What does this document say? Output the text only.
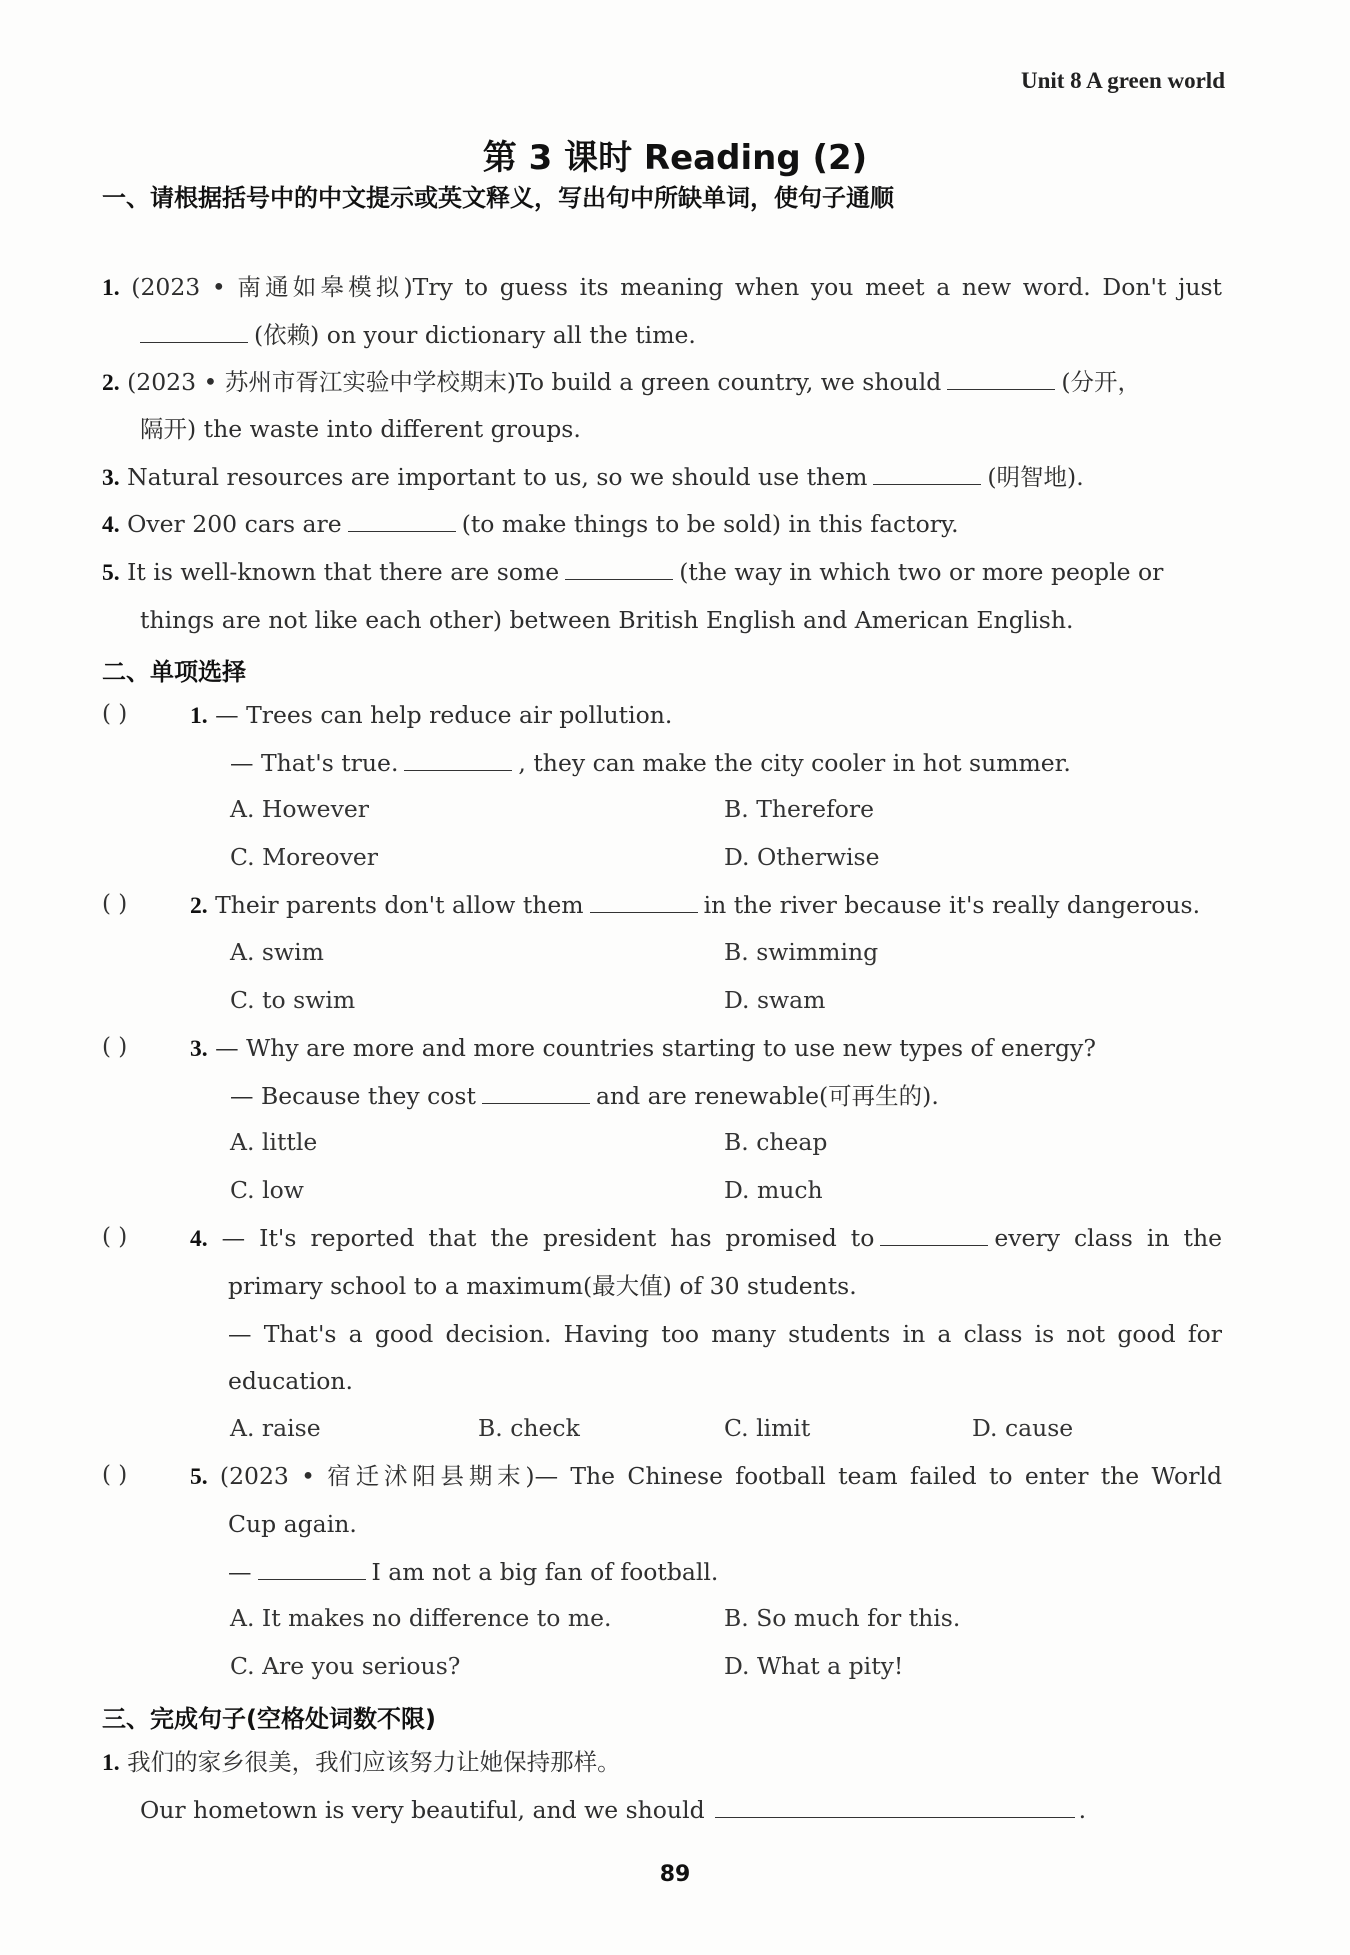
Unit 8 A green world
第 3 课时 Reading (2)
一、请根据括号中的中文提示或英文释义，写出句中所缺单词，使句子通顺
1. (2023 • 南通如皋模拟)Try to guess its meaning when you meet a new word. Don't just
(依赖) on your dictionary all the time.
2. (2023 • 苏州市胥江实验中学校期末)To build a green country, we should	(分开，
隔开) the waste into different groups.
3. Natural resources are important to us, so we should use them	(明智地).
4. Over 200 cars are	(to make things to be sold) in this factory.
5. It is well-known that there are some	(the way in which two or more people or
things are not like each other) between British English and American English.
二、单项选择
( )	1. — Trees can help reduce air pollution.
— That's true.	, they can make the city cooler in hot summer.
A. However	B. Therefore
C. Moreover	D. Otherwise
( )	2. Their parents don't allow them	in the river because it's really dangerous.
A. swim	B. swimming
C. to swim	D. swam
( )	3. — Why are more and more countries starting to use new types of energy?
— Because they cost	and are renewable(可再生的).
A. little	B. cheap
C. low	D. much
( )	4. — It's reported that the president has promised to	every class in the
primary school to a maximum(最大值) of 30 students.
— That's a good decision. Having too many students in a class is not good for
education.
A. raise	B. check	C. limit	D. cause
( )	5. (2023 • 宿迁沭阳县期末)— The Chinese football team failed to enter the World
Cup again.
—	I am not a big fan of football.
A. It makes no difference to me.	B. So much for this.
C. Are you serious?	D. What a pity!
三、完成句子(空格处词数不限)
1. 我们的家乡很美，我们应该努力让她保持那样。
Our hometown is very beautiful, and we should	.
89
